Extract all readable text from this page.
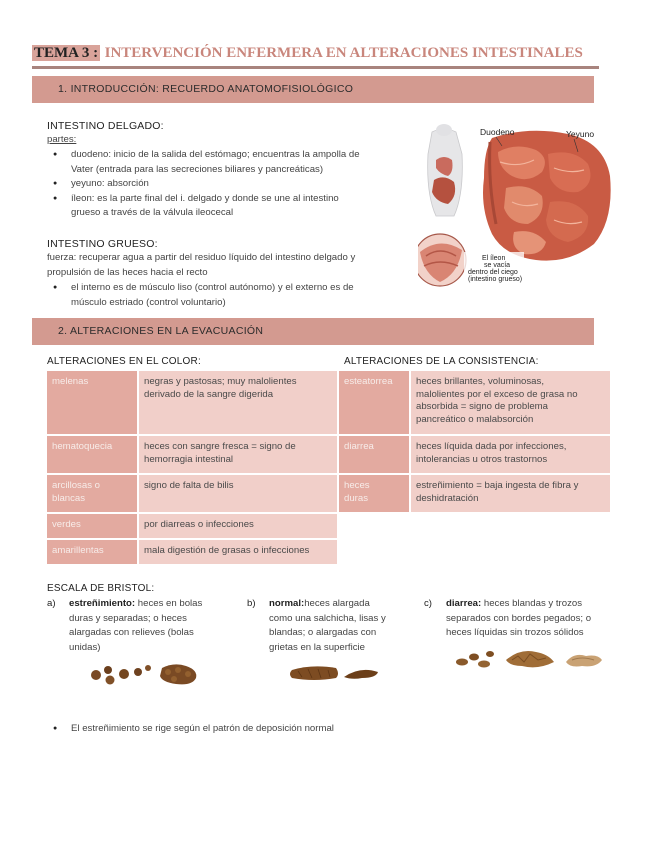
TEMA 3 : INTERVENCIÓN ENFERMERA EN ALTERACIONES INTESTINALES
1. INTRODUCCIÓN: RECUERDO ANATOMOFISIOLÓGICO
INTESTINO DELGADO:
partes:
● duodeno: inicio de la salida del estómago; encuentras la ampolla de
Vater (entrada para las secreciones biliares y pancreáticas)
● yeyuno: absorción
● íleon: es la parte final del i. delgado y donde se une al intestino
grueso a través de la válvula ileocecal
INTESTINO GRUESO:
fuerza: recuperar agua a partir del residuo líquido del intestino delgado y
propulsión de las heces hacia el recto
● el interno es de músculo liso (control autónomo) y el externo es de
músculo estriado (control voluntario)
Duodeno	Yeyuno
El íleon se vacía dentro del ciego (intestino grueso)
2. ALTERACIONES EN LA EVACUACIÓN
ALTERACIONES EN EL COLOR:	ALTERACIONES DE LA CONSISTENCIA:
melenas	negras y pastosas; muy malolientes
derivado de la sangre digerida
hematoquecia	heces con sangre fresca = signo de
hemorragia intestinal
arcillosas o
blancas	signo de falta de bilis
verdes	por diarreas o infecciones
amarillentas	mala digestión de grasas o infecciones
esteatorrea	heces brillantes, voluminosas,
malolientes por el exceso de grasa no
absorbida = signo de problema
pancreático o malabsorción
diarrea	heces líquida dada por infecciones,
intolerancias u otros trastornos
heces
duras	estreñimiento = baja ingesta de fibra y
deshidratación
ESCALA DE BRISTOL:
a)	estreñimiento: heces en bolas
duras y separadas; o heces
alargadas con relieves (bolas
unidas)
b)	normal:heces alargada
como una salchicha, lisas y
blandas; o alargadas con
grietas en la superficie
c)	diarrea: heces blandas y trozos
separados con bordes pegados; o
heces líquidas sin trozos sólidos
● El estreñimiento se rige según el patrón de deposición normal
